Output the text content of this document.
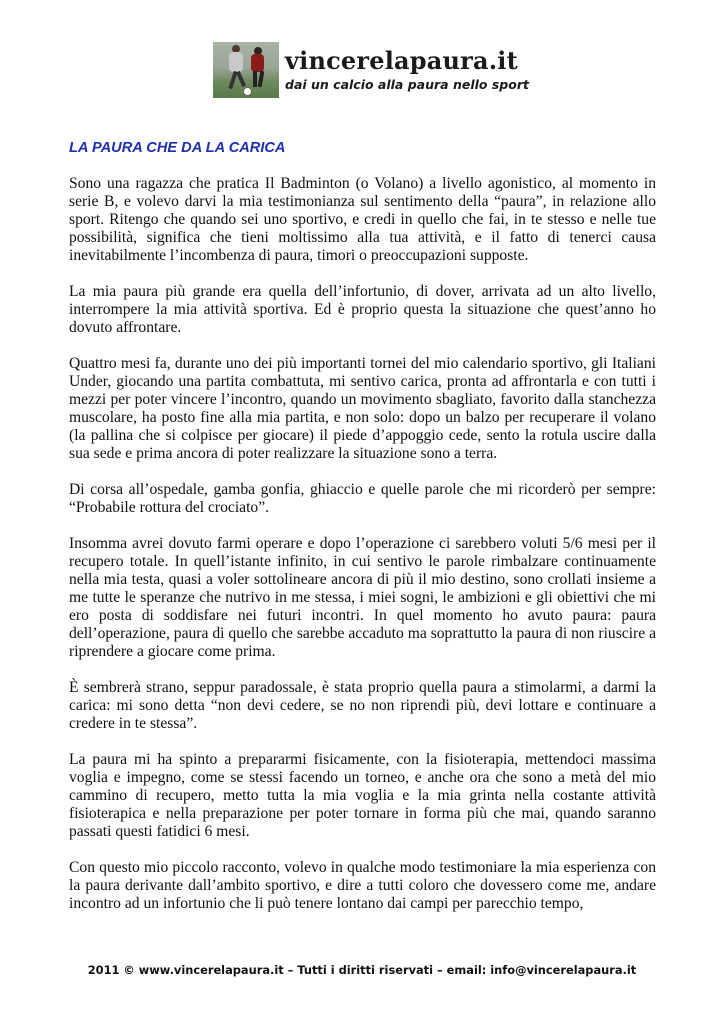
vincerelapaura.it

dai un calcio alla paura nello sport

LA PAURA CHE DA LA CARICA

Sono una ragazza che pratica Il Badminton (o Volano) a livello agonistico, al momento in serie B, e volevo darvi la mia testimonianza sul sentimento della “paura”, in relazione allo sport. Ritengo che quando sei uno sportivo, e credi in quello che fai, in te stesso e nelle tue possibilità, significa che tieni moltissimo alla tua attività, e il fatto di tenerci causa inevitabilmente l’incombenza di paura, timori o preoccupazioni supposte.

La mia paura più grande era quella dell’infortunio, di dover, arrivata ad un alto livello, interrompere la mia attività sportiva. Ed è proprio questa la situazione che quest’anno ho dovuto affrontare.

Quattro mesi fa, durante uno dei più importanti tornei del mio calendario sportivo, gli Italiani Under, giocando una partita combattuta, mi sentivo carica, pronta ad affrontarla e con tutti i mezzi per poter vincere l’incontro, quando un movimento sbagliato, favorito dalla stanchezza muscolare, ha posto fine alla mia partita, e non solo: dopo un balzo per recuperare il volano (la pallina che si colpisce per giocare) il piede d’appoggio cede, sento la rotula uscire dalla sua sede e prima ancora di poter realizzare la situazione sono a terra.

Di corsa all’ospedale, gamba gonfia, ghiaccio e quelle parole che mi ricorderò per sempre: “Probabile rottura del crociato”.

Insomma avrei dovuto farmi operare e dopo l’operazione ci sarebbero voluti 5/6 mesi per il recupero totale. In quell’istante infinito, in cui sentivo le parole rimbalzare continuamente nella mia testa, quasi a voler sottolineare ancora di più il mio destino, sono crollati insieme a me tutte le speranze che nutrivo in me stessa, i miei sogni, le ambizioni e gli obiettivi che mi ero posta di soddisfare nei futuri incontri. In quel momento ho avuto paura: paura dell’operazione, paura di quello che sarebbe accaduto ma soprattutto la paura di non riuscire a riprendere a giocare come prima.

È sembrerà strano, seppur paradossale, è stata proprio quella paura a stimolarmi, a darmi la carica: mi sono detta “non devi cedere, se no non riprendi più, devi lottare e continuare a credere in te stessa”.

La paura mi ha spinto a prepararmi fisicamente, con la fisioterapia, mettendoci massima voglia e impegno, come se stessi facendo un torneo, e anche ora che sono a metà del mio cammino di recupero, metto tutta la mia voglia e la mia grinta nella costante attività fisioterapica e nella preparazione per poter tornare in forma più che mai, quando saranno passati questi fatidici 6 mesi.

Con questo mio piccolo racconto, volevo in qualche modo testimoniare la mia esperienza con la paura derivante dall’ambito sportivo, e dire a tutti coloro che dovessero come me, andare incontro ad un infortunio che li può tenere lontano dai campi per parecchio tempo,

2011 © www.vincerelapaura.it – Tutti i diritti riservati – email: info@vincerelapaura.it
